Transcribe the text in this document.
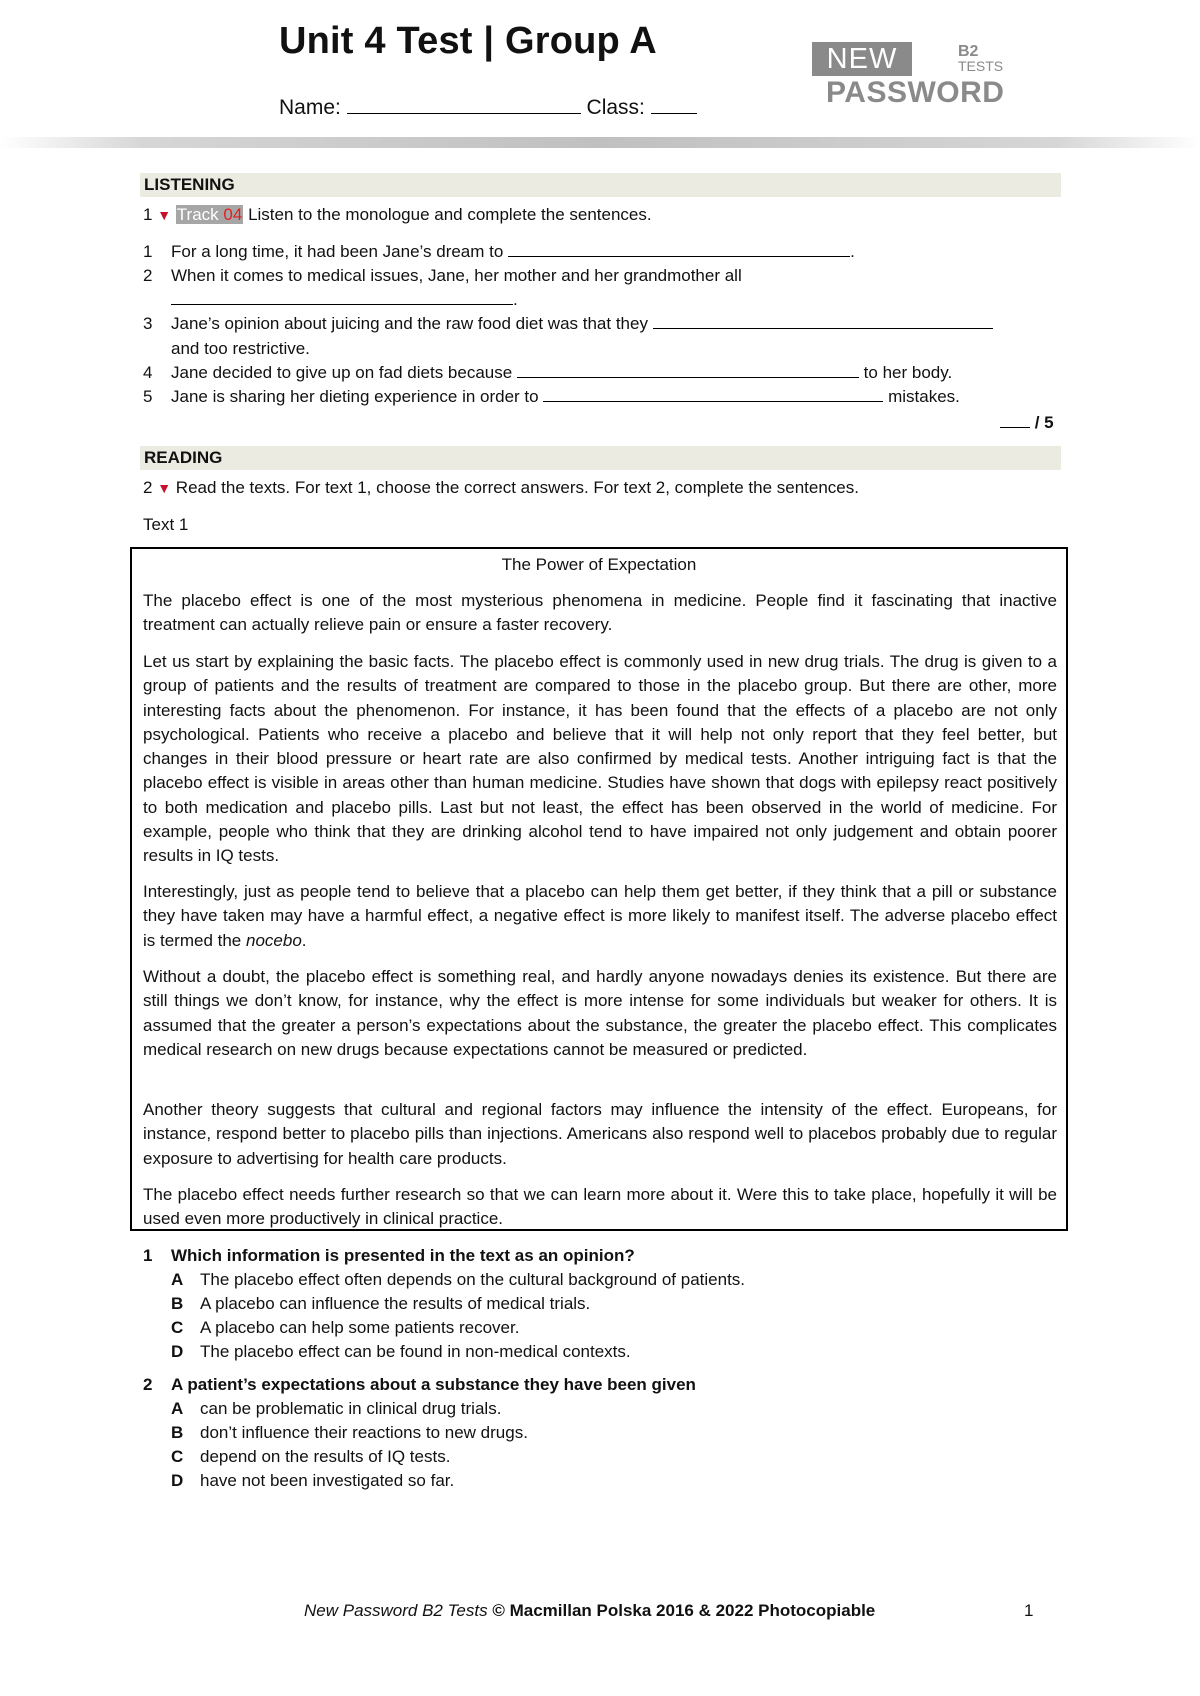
Unit 4 Test | Group A
Name:	Class:
NEW	B2
TESTS
PASSWORD
LISTENING
1 ▼ Track 04 Listen to the monologue and complete the sentences.
1 For a long time, it had been Jane’s dream to	.
2 When it comes to medical issues, Jane, her mother and her grandmother all
.
3 Jane’s opinion about juicing and the raw food diet was that they
and too restrictive.
4 Jane decided to give up on fad diets because	to her body.
5 Jane is sharing her dieting experience in order to	mistakes.
/ 5
READING
2 ▼ Read the texts. For text 1, choose the correct answers. For text 2, complete the sentences.
Text 1
The Power of Expectation
The placebo effect is one of the most mysterious phenomena in medicine. People find it fascinating that inactive treatment can actually relieve pain or ensure a faster recovery.
Let us start by explaining the basic facts. The placebo effect is commonly used in new drug trials. The drug is given to a group of patients and the results of treatment are compared to those in the placebo group. But there are other, more interesting facts about the phenomenon. For instance, it has been found that the effects of a placebo are not only psychological. Patients who receive a placebo and believe that it will help not only report that they feel better, but changes in their blood pressure or heart rate are also confirmed by medical tests. Another intriguing fact is that the placebo effect is visible in areas other than human medicine. Studies have shown that dogs with epilepsy react positively to both medication and placebo pills. Last but not least, the effect has been observed in the world of medicine. For example, people who think that they are drinking alcohol tend to have impaired not only judgement and obtain poorer results in IQ tests.
Interestingly, just as people tend to believe that a placebo can help them get better, if they think that a pill or substance they have taken may have a harmful effect, a negative effect is more likely to manifest itself. The adverse placebo effect is termed the nocebo.
Without a doubt, the placebo effect is something real, and hardly anyone nowadays denies its existence. But there are still things we don’t know, for instance, why the effect is more intense for some individuals but weaker for others. It is assumed that the greater a person’s expectations about the substance, the greater the placebo effect. This complicates medical research on new drugs because expectations cannot be measured or predicted.
Another theory suggests that cultural and regional factors may influence the intensity of the effect. Europeans, for instance, respond better to placebo pills than injections. Americans also respond well to placebos probably due to regular exposure to advertising for health care products.
The placebo effect needs further research so that we can learn more about it. Were this to take place, hopefully it will be used even more productively in clinical practice.
1 Which information is presented in the text as an opinion?
A The placebo effect often depends on the cultural background of patients.
B A placebo can influence the results of medical trials.
C A placebo can help some patients recover.
D The placebo effect can be found in non-medical contexts.
2 A patient’s expectations about a substance they have been given
A can be problematic in clinical drug trials.
B don’t influence their reactions to new drugs.
C depend on the results of IQ tests.
D have not been investigated so far.
New Password B2 Tests © Macmillan Polska 2016 & 2022 Photocopiable	1
